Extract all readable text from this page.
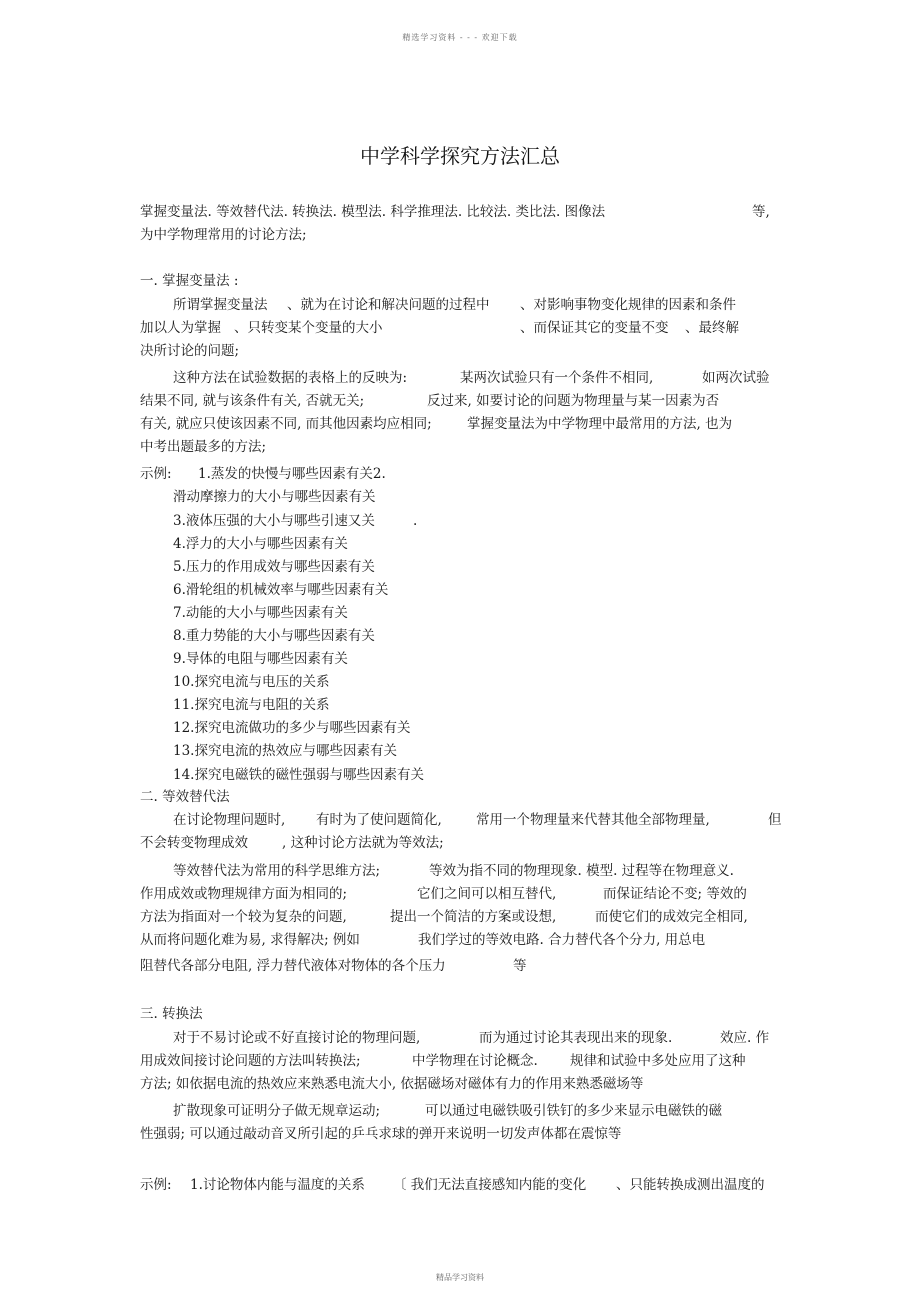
精选学习资料 - - - 欢迎下载
中学科学探究方法汇总
掌握变量法. 等效替代法. 转换法. 模型法. 科学推理法. 比较法. 类比法. 图像法	等,
为中学物理常用的讨论方法;
一. 掌握变量法 :
所谓掌握变量法 、就为在讨论和解决问题的过程中 、对影响事物变化规律的因素和条件
加以人为掌握 、只转变某个变量的大小	、而保证其它的变量不变 、最终解
决所讨论的问题;
这种方法在试验数据的表格上的反映为:	某两次试验只有一个条件不相同,	如两次试验
结果不同, 就与该条件有关, 否就无关;	反过来, 如要讨论的问题为物理量与某一因素为否
有关, 就应只使该因素不同, 而其他因素均应相同;	掌握变量法为中学物理中最常用的方法, 也为
中考出题最多的方法;
示例: 1.蒸发的快慢与哪些因素有关2.
滑动摩擦力的大小与哪些因素有关
3.液体压强的大小与哪些引速又关	.
4.浮力的大小与哪些因素有关
5.压力的作用成效与哪些因素有关
6.滑轮组的机械效率与哪些因素有关
7.动能的大小与哪些因素有关
8.重力势能的大小与哪些因素有关
9.导体的电阻与哪些因素有关
10.探究电流与电压的关系
11.探究电流与电阻的关系
12.探究电流做功的多少与哪些因素有关
13.探究电流的热效应与哪些因素有关
14.探究电磁铁的磁性强弱与哪些因素有关
二. 等效替代法
在讨论物理问题时, 有时为了使问题简化,	常用一个物理量来代替其他全部物理量,	但
不会转变物理成效	, 这种讨论方法就为等效法;
等效替代法为常用的科学思维方法;	等效为指不同的物理现象. 模型. 过程等在物理意义.
作用成效或物理规律方面为相同的;	它们之间可以相互替代,	而保证结论不变; 等效的
方法为指面对一个较为复杂的问题,	提出一个简洁的方案或设想,	而使它们的成效完全相同,
从而将问题化难为易, 求得解决; 例如	我们学过的等效电路. 合力替代各个分力, 用总电
阻替代各部分电阻, 浮力替代液体对物体的各个压力	等
三. 转换法
对于不易讨论或不好直接讨论的物理问题,	而为通过讨论其表现出来的现象.	效应. 作
用成效间接讨论问题的方法叫转换法;	中学物理在讨论概念. 规律和试验中多处应用了这种
方法; 如依据电流的热效应来熟悉电流大小, 依据磁场对磁体有力的作用来熟悉磁场等
扩散现象可证明分子做无规章运动;	可以通过电磁铁吸引铁钉的多少来显示电磁铁的磁
性强弱; 可以通过敲动音叉所引起的乒乓求球的弹开来说明一切发声体都在震惊等
示例: 1.讨论物体内能与温度的关系 〔 我们无法直接感知内能的变化 、只能转换成测出温度的
精品学习资料
